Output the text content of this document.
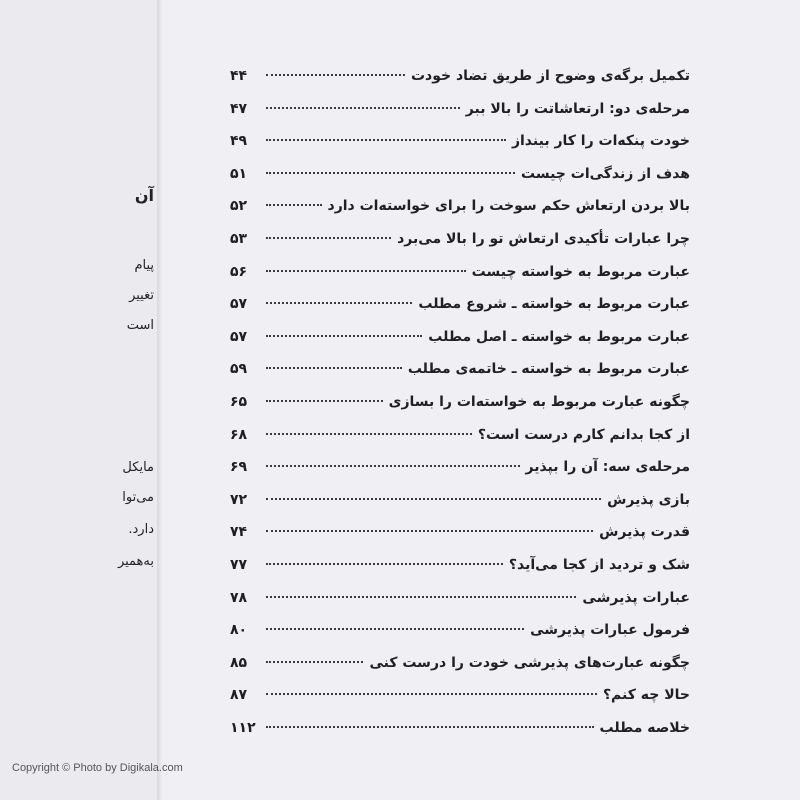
آن
پیام
تغییر
است
مایکل
می‌توا
دارد.
به‌همیر
تکمیل برگه‌ی وضوح از طریق تضاد خودت
۴۴
مرحله‌ی دو: ارتعاشاتت را بالا ببر
۴۷
خودت پنکه‌ات را کار بینداز
۴۹
هدف از زندگی‌ات چیست
۵۱
بالا بردن ارتعاش حکم سوخت را برای خواسته‌ات دارد
۵۲
چرا عبارات تأکیدی ارتعاش تو را بالا می‌برد
۵۳
عبارت مربوط به خواسته چیست
۵۶
عبارت مربوط به خواسته ـ شروع مطلب
۵۷
عبارت مربوط به خواسته ـ اصل مطلب
۵۷
عبارت مربوط به خواسته ـ خاتمه‌ی مطلب
۵۹
چگونه عبارت مربوط به خواسته‌ات را بسازی
۶۵
از کجا بدانم کارم درست است؟
۶۸
مرحله‌ی سه: آن را بپذیر
۶۹
بازی پذیرش
۷۲
قدرت پذیرش
۷۴
شک و تردید از کجا می‌آید؟
۷۷
عبارات پذیرشی
۷۸
فرمول عبارات پذیرشی
۸۰
چگونه عبارت‌های پذیرشی خودت را درست کنی
۸۵
حالا چه کنم؟
۸۷
خلاصه مطلب
۱۱۲
Copyright © Photo by Digikala.com
